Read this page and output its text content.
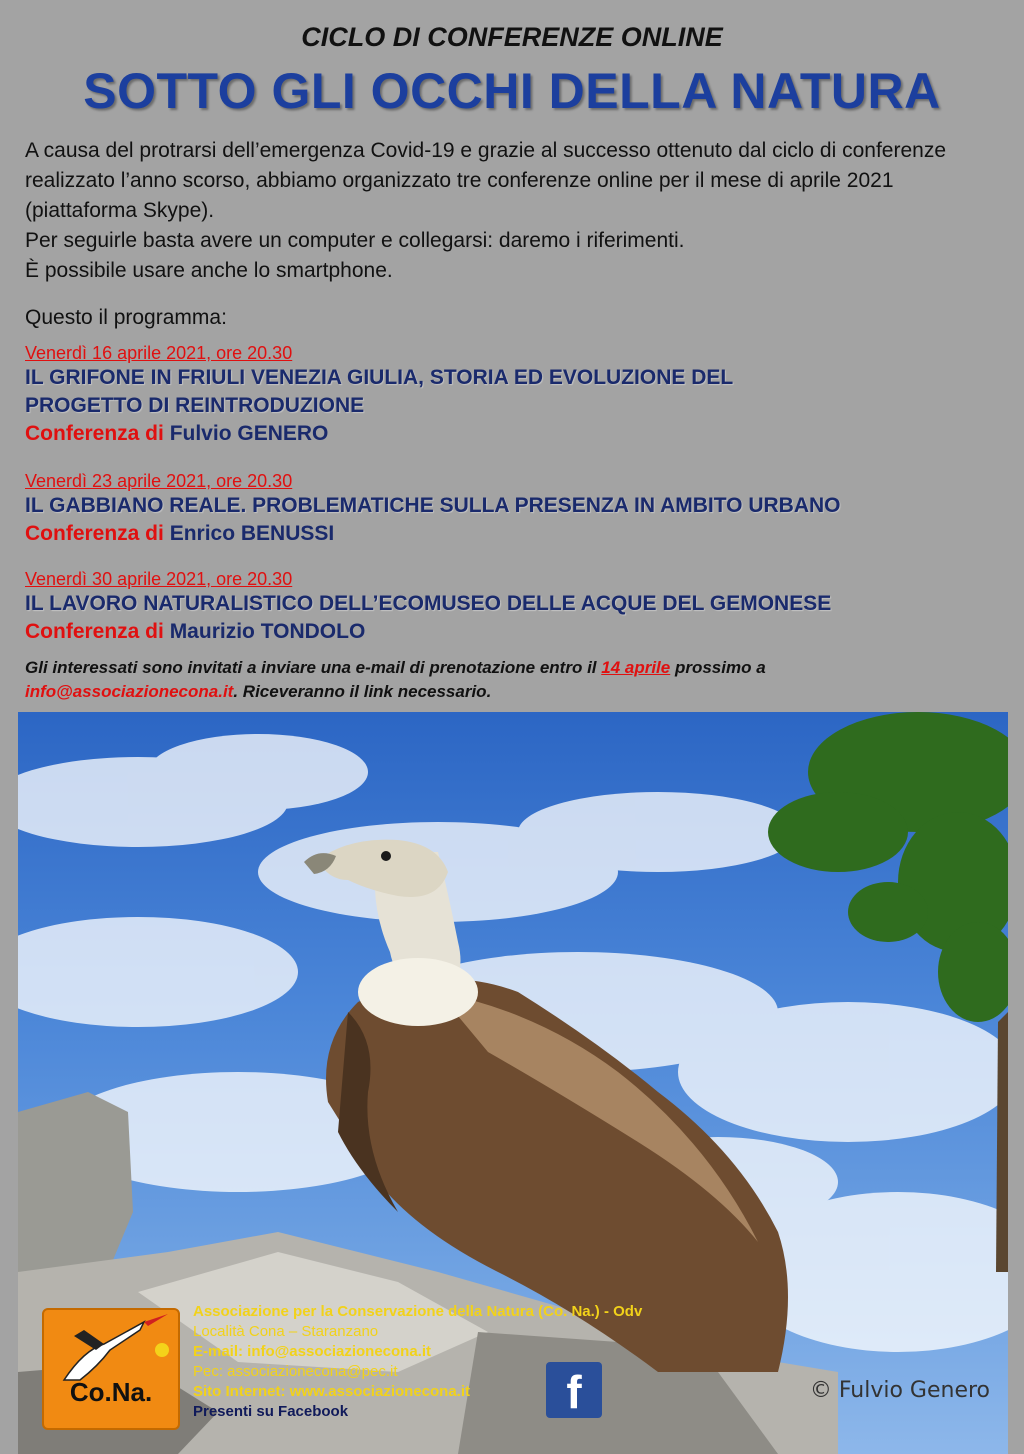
CICLO DI CONFERENZE ONLINE
SOTTO GLI OCCHI DELLA NATURA

A causa del protrarsi dell’emergenza Covid-19 e grazie al successo ottenuto dal ciclo di conferenze realizzato l’anno scorso, abbiamo organizzato tre conferenze online per il mese di aprile 2021 (piattaforma Skype).

Per seguirle basta avere un computer e collegarsi: daremo i riferimenti.

È possibile usare anche lo smartphone.

Questo il programma:
Venerdì 16 aprile 2021, ore 20.30
IL GRIFONE IN FRIULI VENEZIA GIULIA, STORIA ED EVOLUZIONE DEL
PROGETTO DI REINTRODUZIONE
Conferenza di Fulvio GENERO
Venerdì 23 aprile 2021, ore 20.30
IL GABBIANO REALE. PROBLEMATICHE SULLA PRESENZA IN AMBITO URBANO
Conferenza di Enrico BENUSSI
Venerdì 30 aprile 2021, ore 20.30
IL LAVORO NATURALISTICO DELL’ECOMUSEO DELLE ACQUE DEL GEMONESE
Conferenza di Maurizio TONDOLO
Gli interessati sono invitati a inviare una e-mail di prenotazione entro il 14 aprile prossimo a
info@associazionecona.it. Riceveranno il link necessario.
© Fulvio Genero
Co.Na.
Associazione per la Conservazione della Natura (Co. Na.) - Odv
Località Cona – Staranzano
E-mail: info@associazionecona.it
Pec: associazionecona@pec.it
Sito Internet: www.associazionecona.it
Presenti su Facebook	f
